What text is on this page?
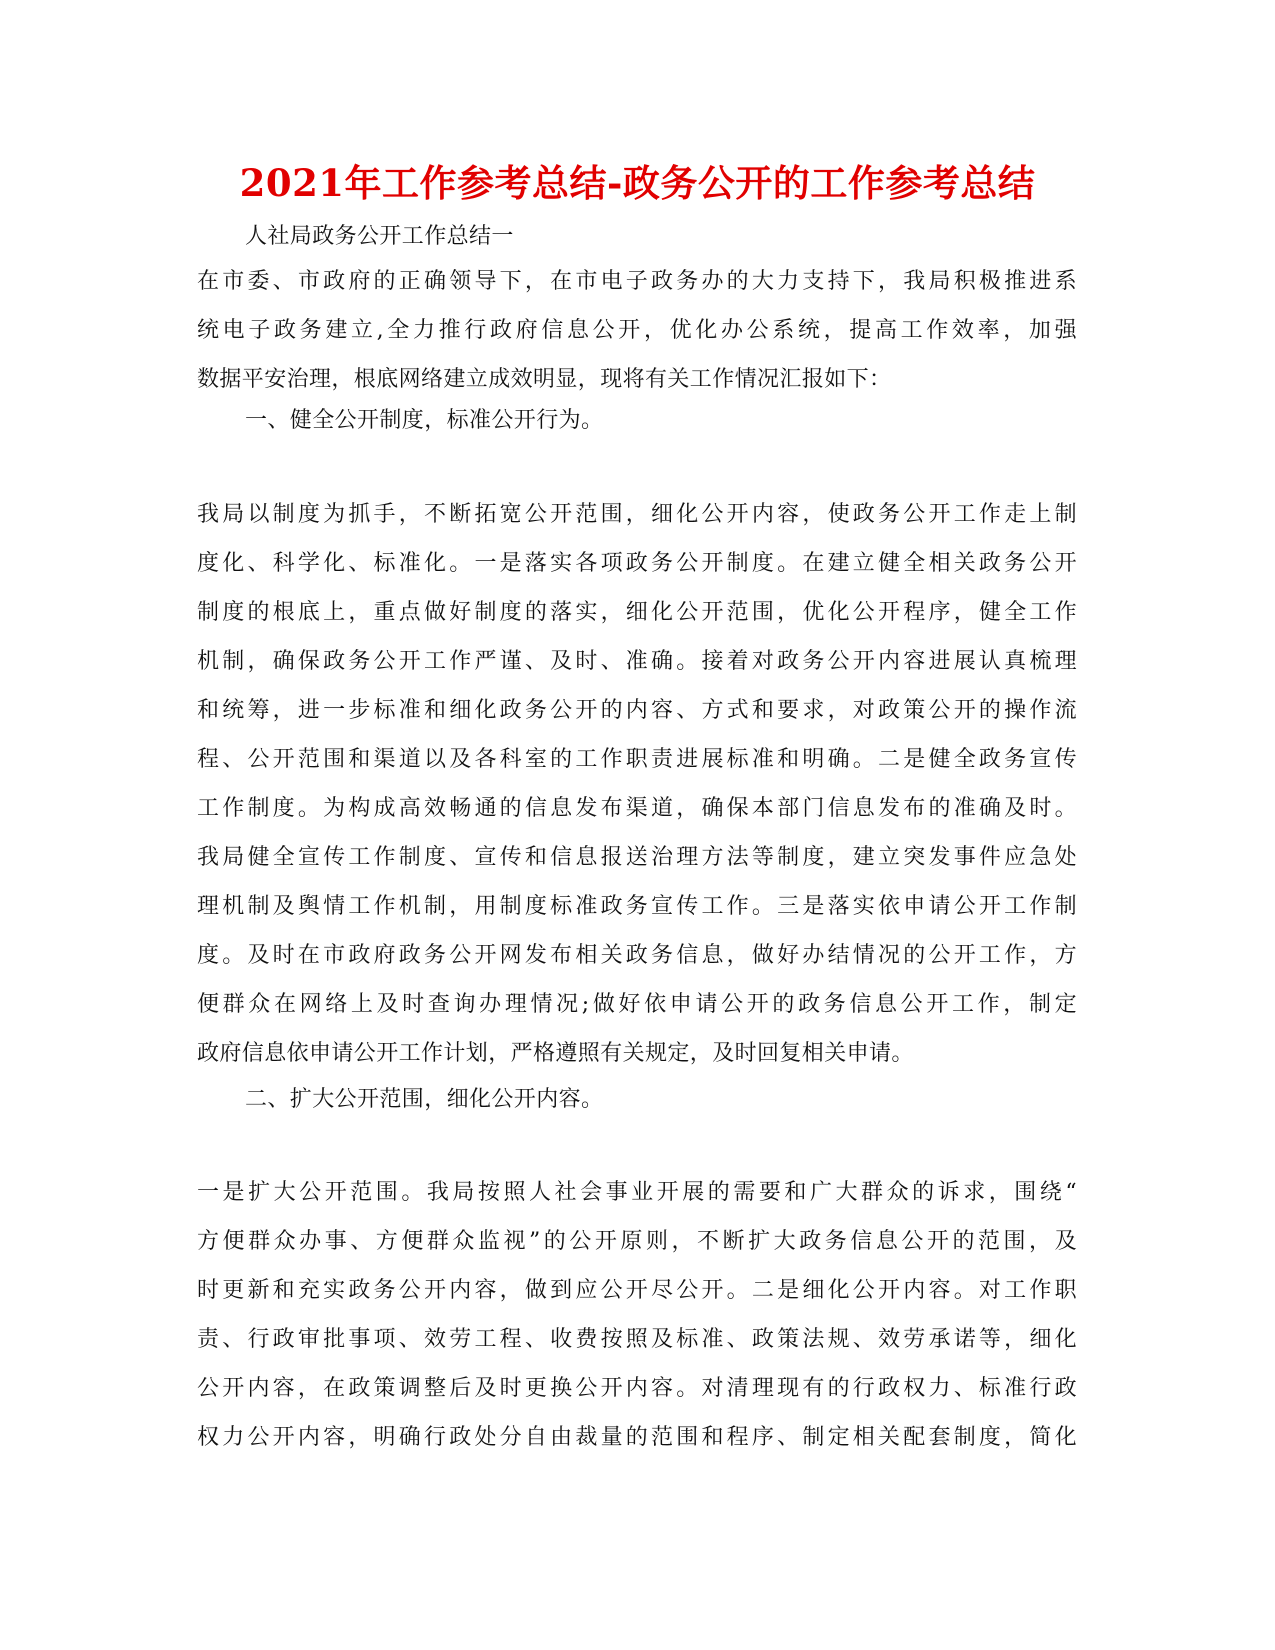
2021年工作参考总结-政务公开的工作参考总结
人社局政务公开工作总结一
在市委、市政府的正确领导下，在市电子政务办的大力支持下，我局积极推进系
统电子政务建立,全力推行政府信息公开，优化办公系统，提高工作效率，加强
数据平安治理，根底网络建立成效明显，现将有关工作情况汇报如下：
一、健全公开制度，标准公开行为。
我局以制度为抓手，不断拓宽公开范围，细化公开内容，使政务公开工作走上制
度化、科学化、标准化。一是落实各项政务公开制度。在建立健全相关政务公开
制度的根底上，重点做好制度的落实，细化公开范围，优化公开程序，健全工作
机制，确保政务公开工作严谨、及时、准确。接着对政务公开内容进展认真梳理
和统筹，进一步标准和细化政务公开的内容、方式和要求，对政策公开的操作流
程、公开范围和渠道以及各科室的工作职责进展标准和明确。二是健全政务宣传
工作制度。为构成高效畅通的信息发布渠道，确保本部门信息发布的准确及时。
我局健全宣传工作制度、宣传和信息报送治理方法等制度，建立突发事件应急处
理机制及舆情工作机制，用制度标准政务宣传工作。三是落实依申请公开工作制
度。及时在市政府政务公开网发布相关政务信息，做好办结情况的公开工作，方
便群众在网络上及时查询办理情况;做好依申请公开的政务信息公开工作，制定
政府信息依申请公开工作计划，严格遵照有关规定，及时回复相关申请。
二、扩大公开范围，细化公开内容。
一是扩大公开范围。我局按照人社会事业开展的需要和广大群众的诉求，围绕“
方便群众办事、方便群众监视”的公开原则，不断扩大政务信息公开的范围，及
时更新和充实政务公开内容，做到应公开尽公开。二是细化公开内容。对工作职
责、行政审批事项、效劳工程、收费按照及标准、政策法规、效劳承诺等，细化
公开内容，在政策调整后及时更换公开内容。对清理现有的行政权力、标准行政
权力公开内容，明确行政处分自由裁量的范围和程序、制定相关配套制度，简化
